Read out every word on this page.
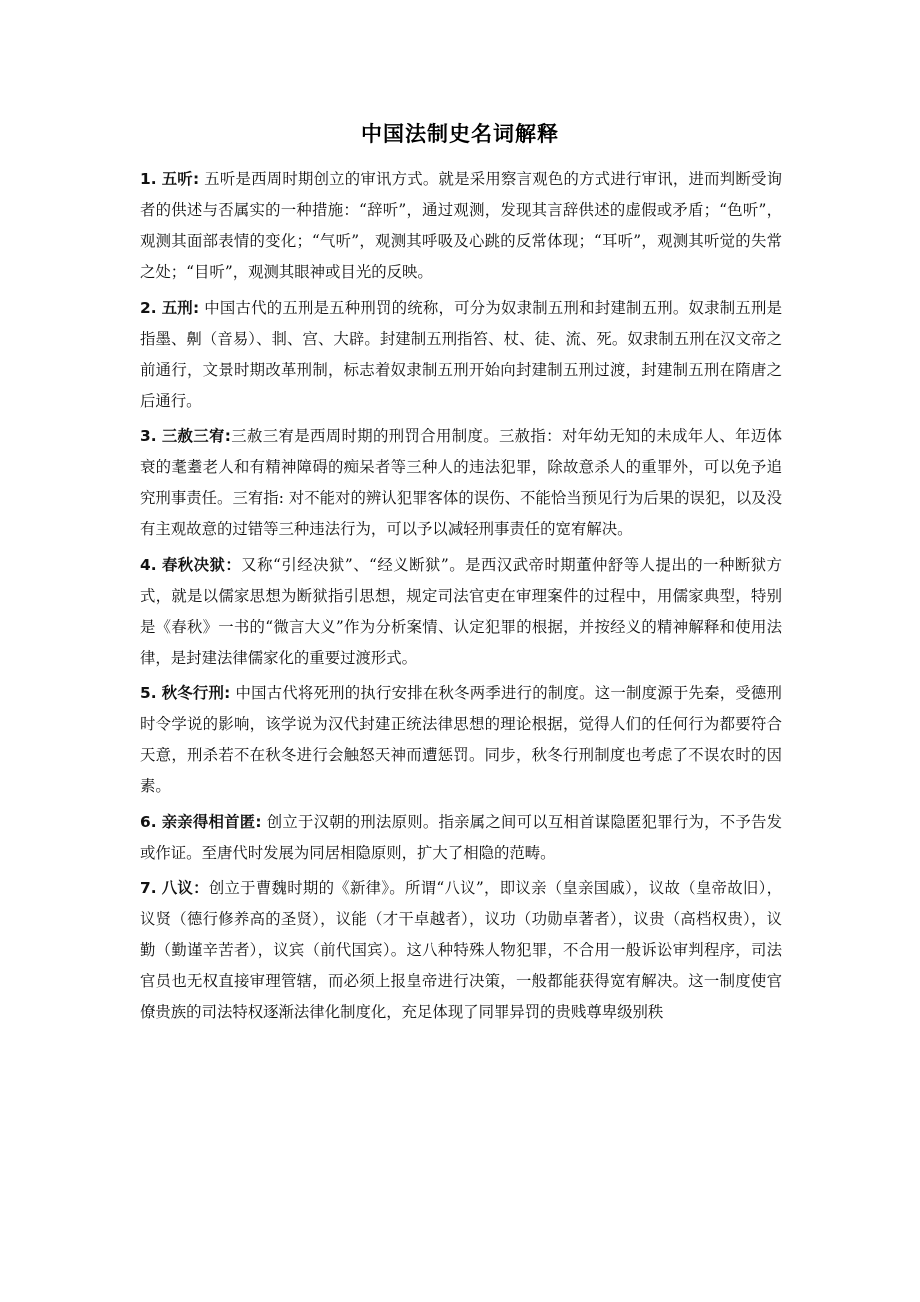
中国法制史名词解释

1. 五听: 五听是西周时期创立的审讯方式。就是采用察言观色的方式进行审讯，进而判断受询者的供述与否属实的一种措施：“辞听”，通过观测，发现其言辞供述的虚假或矛盾；“色听”，观测其面部表情的变化；“气听”，观测其呼吸及心跳的反常体现；“耳听”，观测其听觉的失常之处；“目听”，观测其眼神或目光的反映。

2. 五刑: 中国古代的五刑是五种刑罚的统称，可分为奴隶制五刑和封建制五刑。奴隶制五刑是指墨、劓（音易）、剕、宫、大辟。封建制五刑指笞、杖、徒、流、死。奴隶制五刑在汉文帝之前通行，文景时期改革刑制，标志着奴隶制五刑开始向封建制五刑过渡，封建制五刑在隋唐之后通行。

3. 三赦三宥:三赦三宥是西周时期的刑罚合用制度。三赦指：对年幼无知的未成年人、年迈体衰的耄耋老人和有精神障碍的痴呆者等三种人的违法犯罪，除故意杀人的重罪外，可以免予追究刑事责任。三宥指: 对不能对的辨认犯罪客体的误伤、不能恰当预见行为后果的误犯，以及没有主观故意的过错等三种违法行为，可以予以减轻刑事责任的宽宥解决。

4. 春秋决狱：又称“引经决狱”、“经义断狱”。是西汉武帝时期董仲舒等人提出的一种断狱方式，就是以儒家思想为断狱指引思想，规定司法官吏在审理案件的过程中，用儒家典型，特别是《春秋》一书的“微言大义”作为分析案情、认定犯罪的根据，并按经义的精神解释和使用法律，是封建法律儒家化的重要过渡形式。

5. 秋冬行刑: 中国古代将死刑的执行安排在秋冬两季进行的制度。这一制度源于先秦，受德刑时令学说的影响，该学说为汉代封建正统法律思想的理论根据，觉得人们的任何行为都要符合天意，刑杀若不在秋冬进行会触怒天神而遭惩罚。同步，秋冬行刑制度也考虑了不误农时的因素。

6. 亲亲得相首匿: 创立于汉朝的刑法原则。指亲属之间可以互相首谋隐匿犯罪行为，不予告发或作证。至唐代时发展为同居相隐原则，扩大了相隐的范畴。

7. 八议：创立于曹魏时期的《新律》。所谓“八议”，即议亲（皇亲国戚），议故（皇帝故旧），议贤（德行修养高的圣贤），议能（才干卓越者），议功（功勋卓著者），议贵（高档权贵），议勤（勤谨辛苦者），议宾（前代国宾）。这八种特殊人物犯罪，不合用一般诉讼审判程序，司法官员也无权直接审理管辖，而必须上报皇帝进行决策，一般都能获得宽宥解决。这一制度使官僚贵族的司法特权逐渐法律化制度化，充足体现了同罪异罚的贵贱尊卑级别秩
